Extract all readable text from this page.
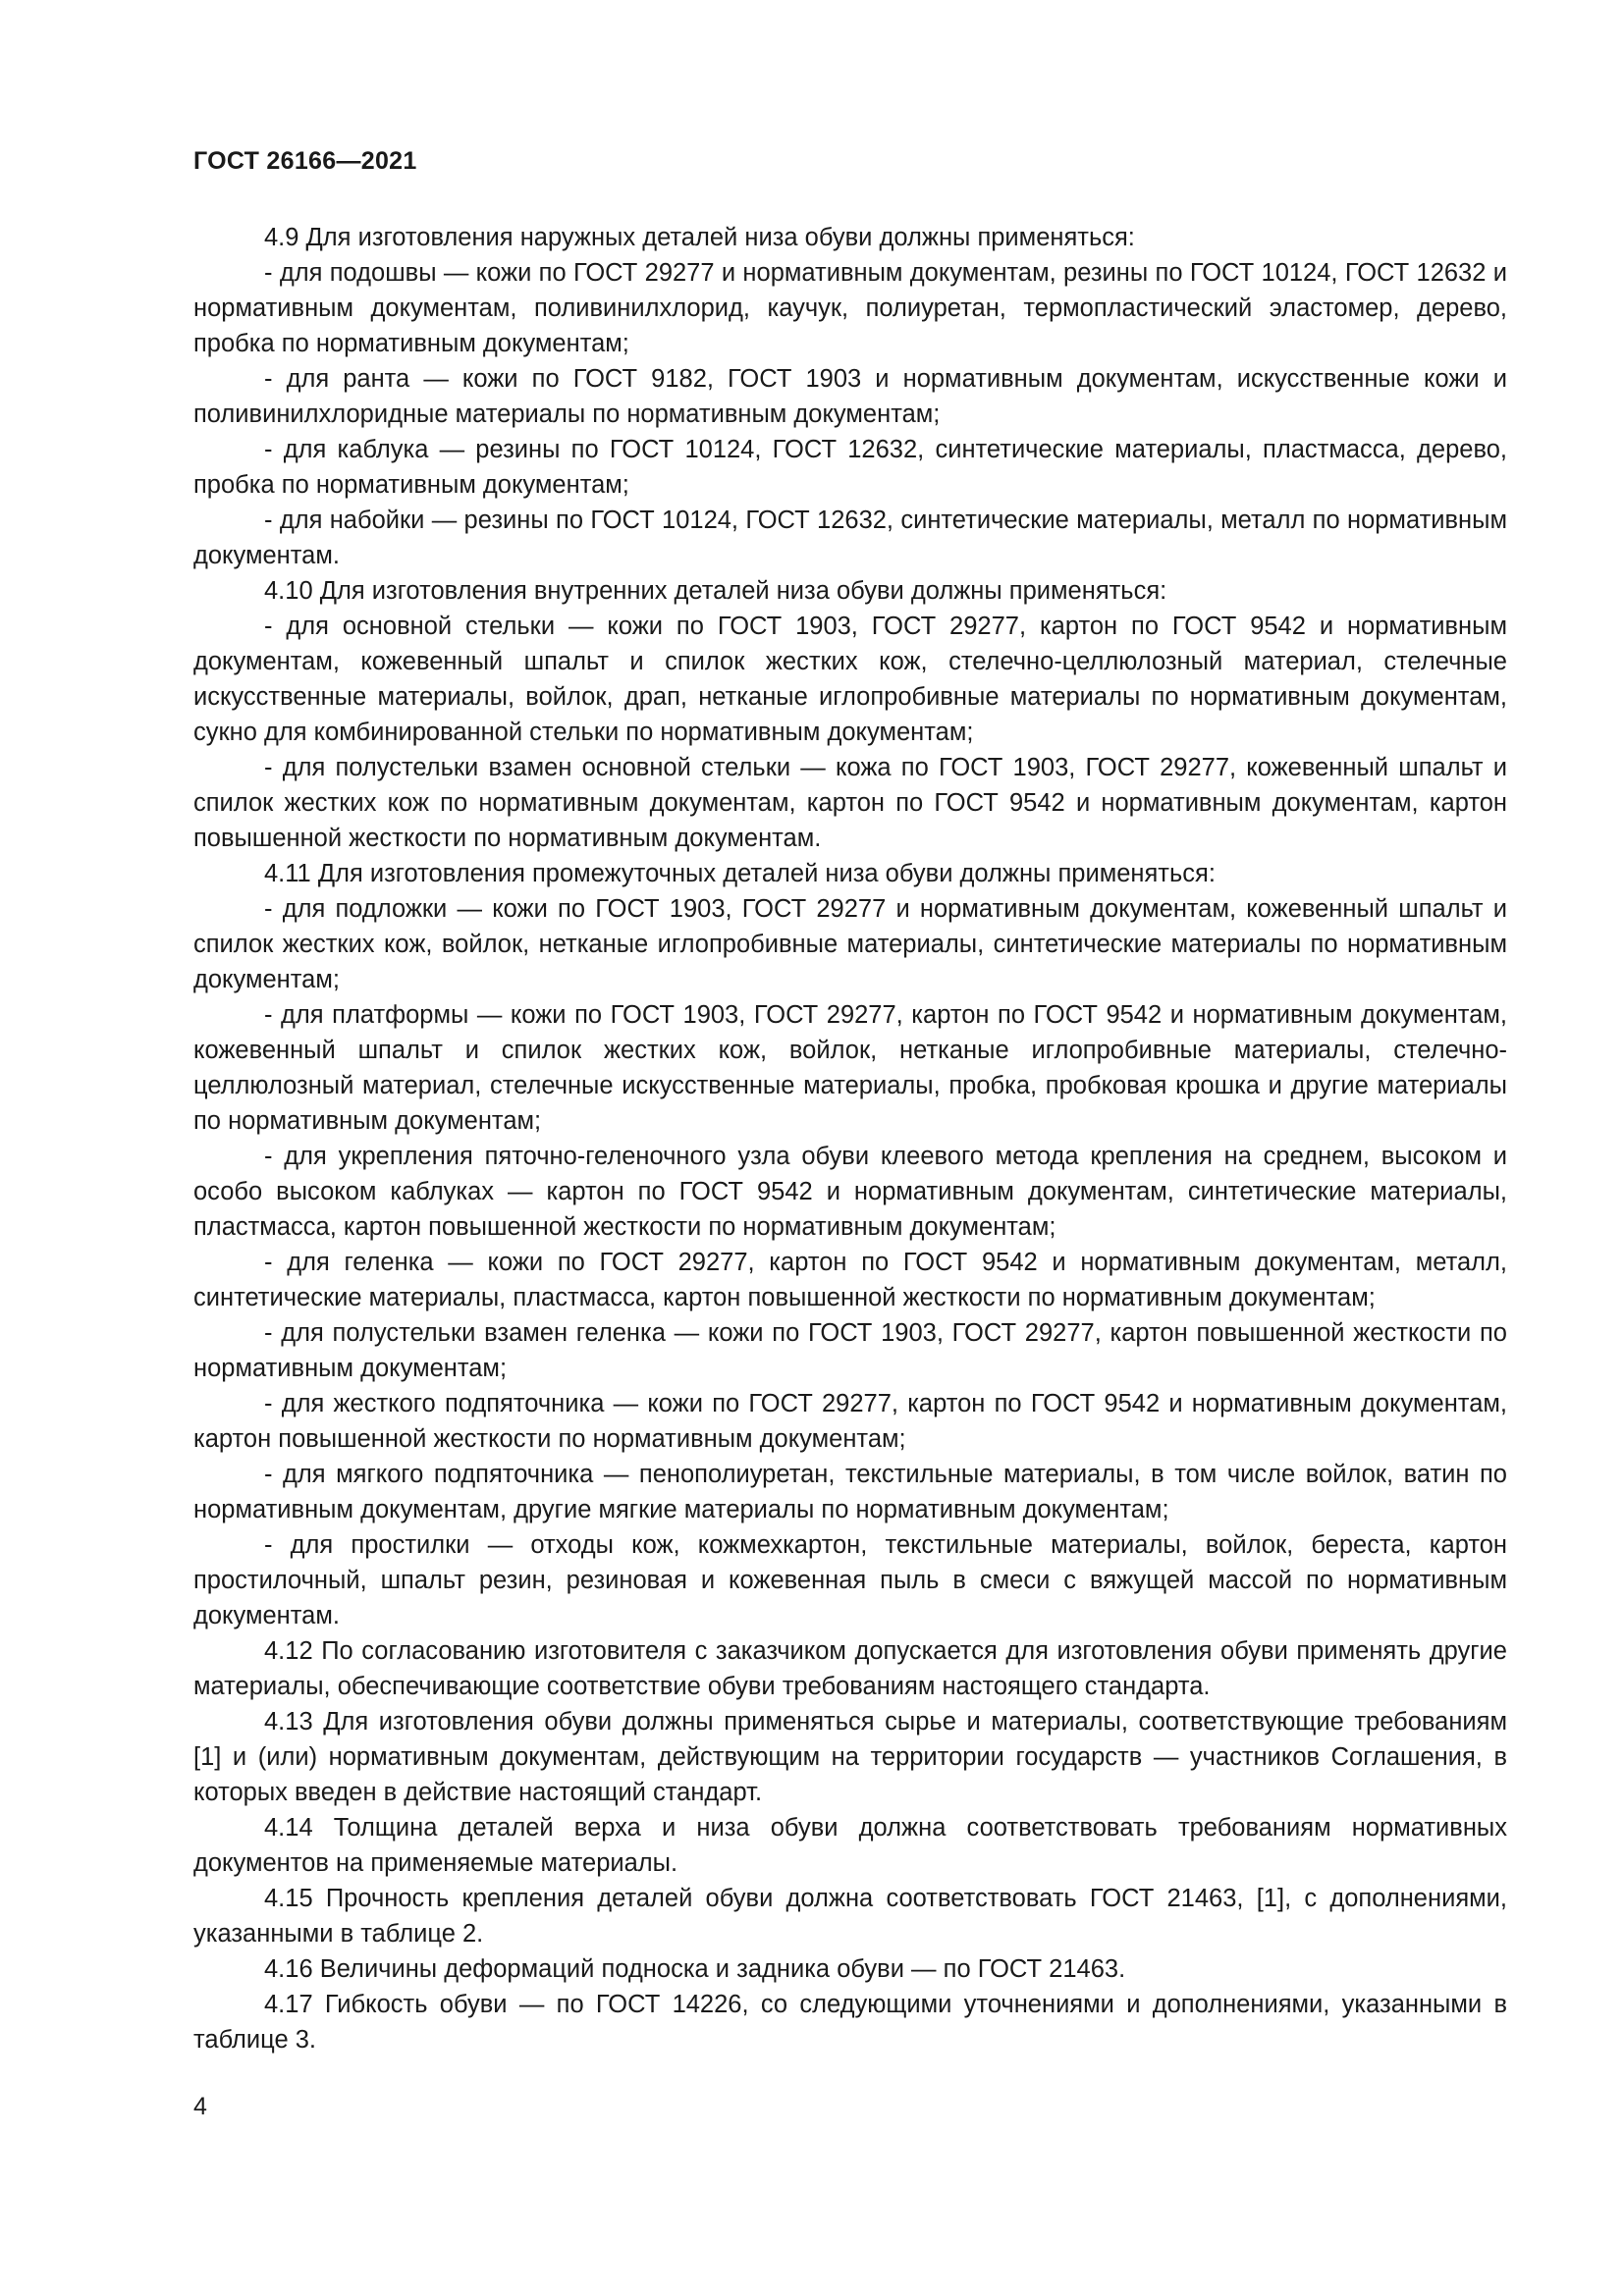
ГОСТ 26166—2021

4.9 Для изготовления наружных деталей низа обуви должны применяться:

- для подошвы — кожи по ГОСТ 29277 и нормативным документам, резины по ГОСТ 10124, ГОСТ 12632 и нормативным документам, поливинилхлорид, каучук, полиуретан, термопластический эластомер, дерево, пробка по нормативным документам;

- для ранта — кожи по ГОСТ 9182, ГОСТ 1903 и нормативным документам, искусственные кожи и поливинилхлоридные материалы по нормативным документам;

- для каблука — резины по ГОСТ 10124, ГОСТ 12632, синтетические материалы, пластмасса, дерево, пробка по нормативным документам;

- для набойки — резины по ГОСТ 10124, ГОСТ 12632, синтетические материалы, металл по нормативным документам.

4.10 Для изготовления внутренних деталей низа обуви должны применяться:

- для основной стельки — кожи по ГОСТ 1903, ГОСТ 29277, картон по ГОСТ 9542 и нормативным документам, кожевенный шпальт и спилок жестких кож, стелечно-целлюлозный материал, стелечные искусственные материалы, войлок, драп, нетканые иглопробивные материалы по нормативным документам, сукно для комбинированной стельки по нормативным документам;

- для полустельки взамен основной стельки — кожа по ГОСТ 1903, ГОСТ 29277, кожевенный шпальт и спилок жестких кож по нормативным документам, картон по ГОСТ 9542 и нормативным документам, картон повышенной жесткости по нормативным документам.

4.11 Для изготовления промежуточных деталей низа обуви должны применяться:

- для подложки — кожи по ГОСТ 1903, ГОСТ 29277 и нормативным документам, кожевенный шпальт и спилок жестких кож, войлок, нетканые иглопробивные материалы, синтетические материалы по нормативным документам;

- для платформы — кожи по ГОСТ 1903, ГОСТ 29277, картон по ГОСТ 9542 и нормативным документам, кожевенный шпальт и спилок жестких кож, войлок, нетканые иглопробивные материалы, стелечно-целлюлозный материал, стелечные искусственные материалы, пробка, пробковая крошка и другие материалы по нормативным документам;

- для укрепления пяточно-геленочного узла обуви клеевого метода крепления на среднем, высоком и особо высоком каблуках — картон по ГОСТ 9542 и нормативным документам, синтетические материалы, пластмасса, картон повышенной жесткости по нормативным документам;

- для геленка — кожи по ГОСТ 29277, картон по ГОСТ 9542 и нормативным документам, металл, синтетические материалы, пластмасса, картон повышенной жесткости по нормативным документам;

- для полустельки взамен геленка — кожи по ГОСТ 1903, ГОСТ 29277, картон повышенной жесткости по нормативным документам;

- для жесткого подпяточника — кожи по ГОСТ 29277, картон по ГОСТ 9542 и нормативным документам, картон повышенной жесткости по нормативным документам;

- для мягкого подпяточника — пенополиуретан, текстильные материалы, в том числе войлок, ватин по нормативным документам, другие мягкие материалы по нормативным документам;

- для простилки — отходы кож, кожмехкартон, текстильные материалы, войлок, береста, картон простилочный, шпальт резин, резиновая и кожевенная пыль в смеси с вяжущей массой по нормативным документам.

4.12 По согласованию изготовителя с заказчиком допускается для изготовления обуви применять другие материалы, обеспечивающие соответствие обуви требованиям настоящего стандарта.

4.13 Для изготовления обуви должны применяться сырье и материалы, соответствующие требованиям [1] и (или) нормативным документам, действующим на территории государств — участников Соглашения, в которых введен в действие настоящий стандарт.

4.14 Толщина деталей верха и низа обуви должна соответствовать требованиям нормативных документов на применяемые материалы.

4.15 Прочность крепления деталей обуви должна соответствовать ГОСТ 21463, [1], с дополнениями, указанными в таблице 2.

4.16 Величины деформаций подноска и задника обуви — по ГОСТ 21463.

4.17 Гибкость обуви — по ГОСТ 14226, со следующими уточнениями и дополнениями, указанными в таблице 3.

4
